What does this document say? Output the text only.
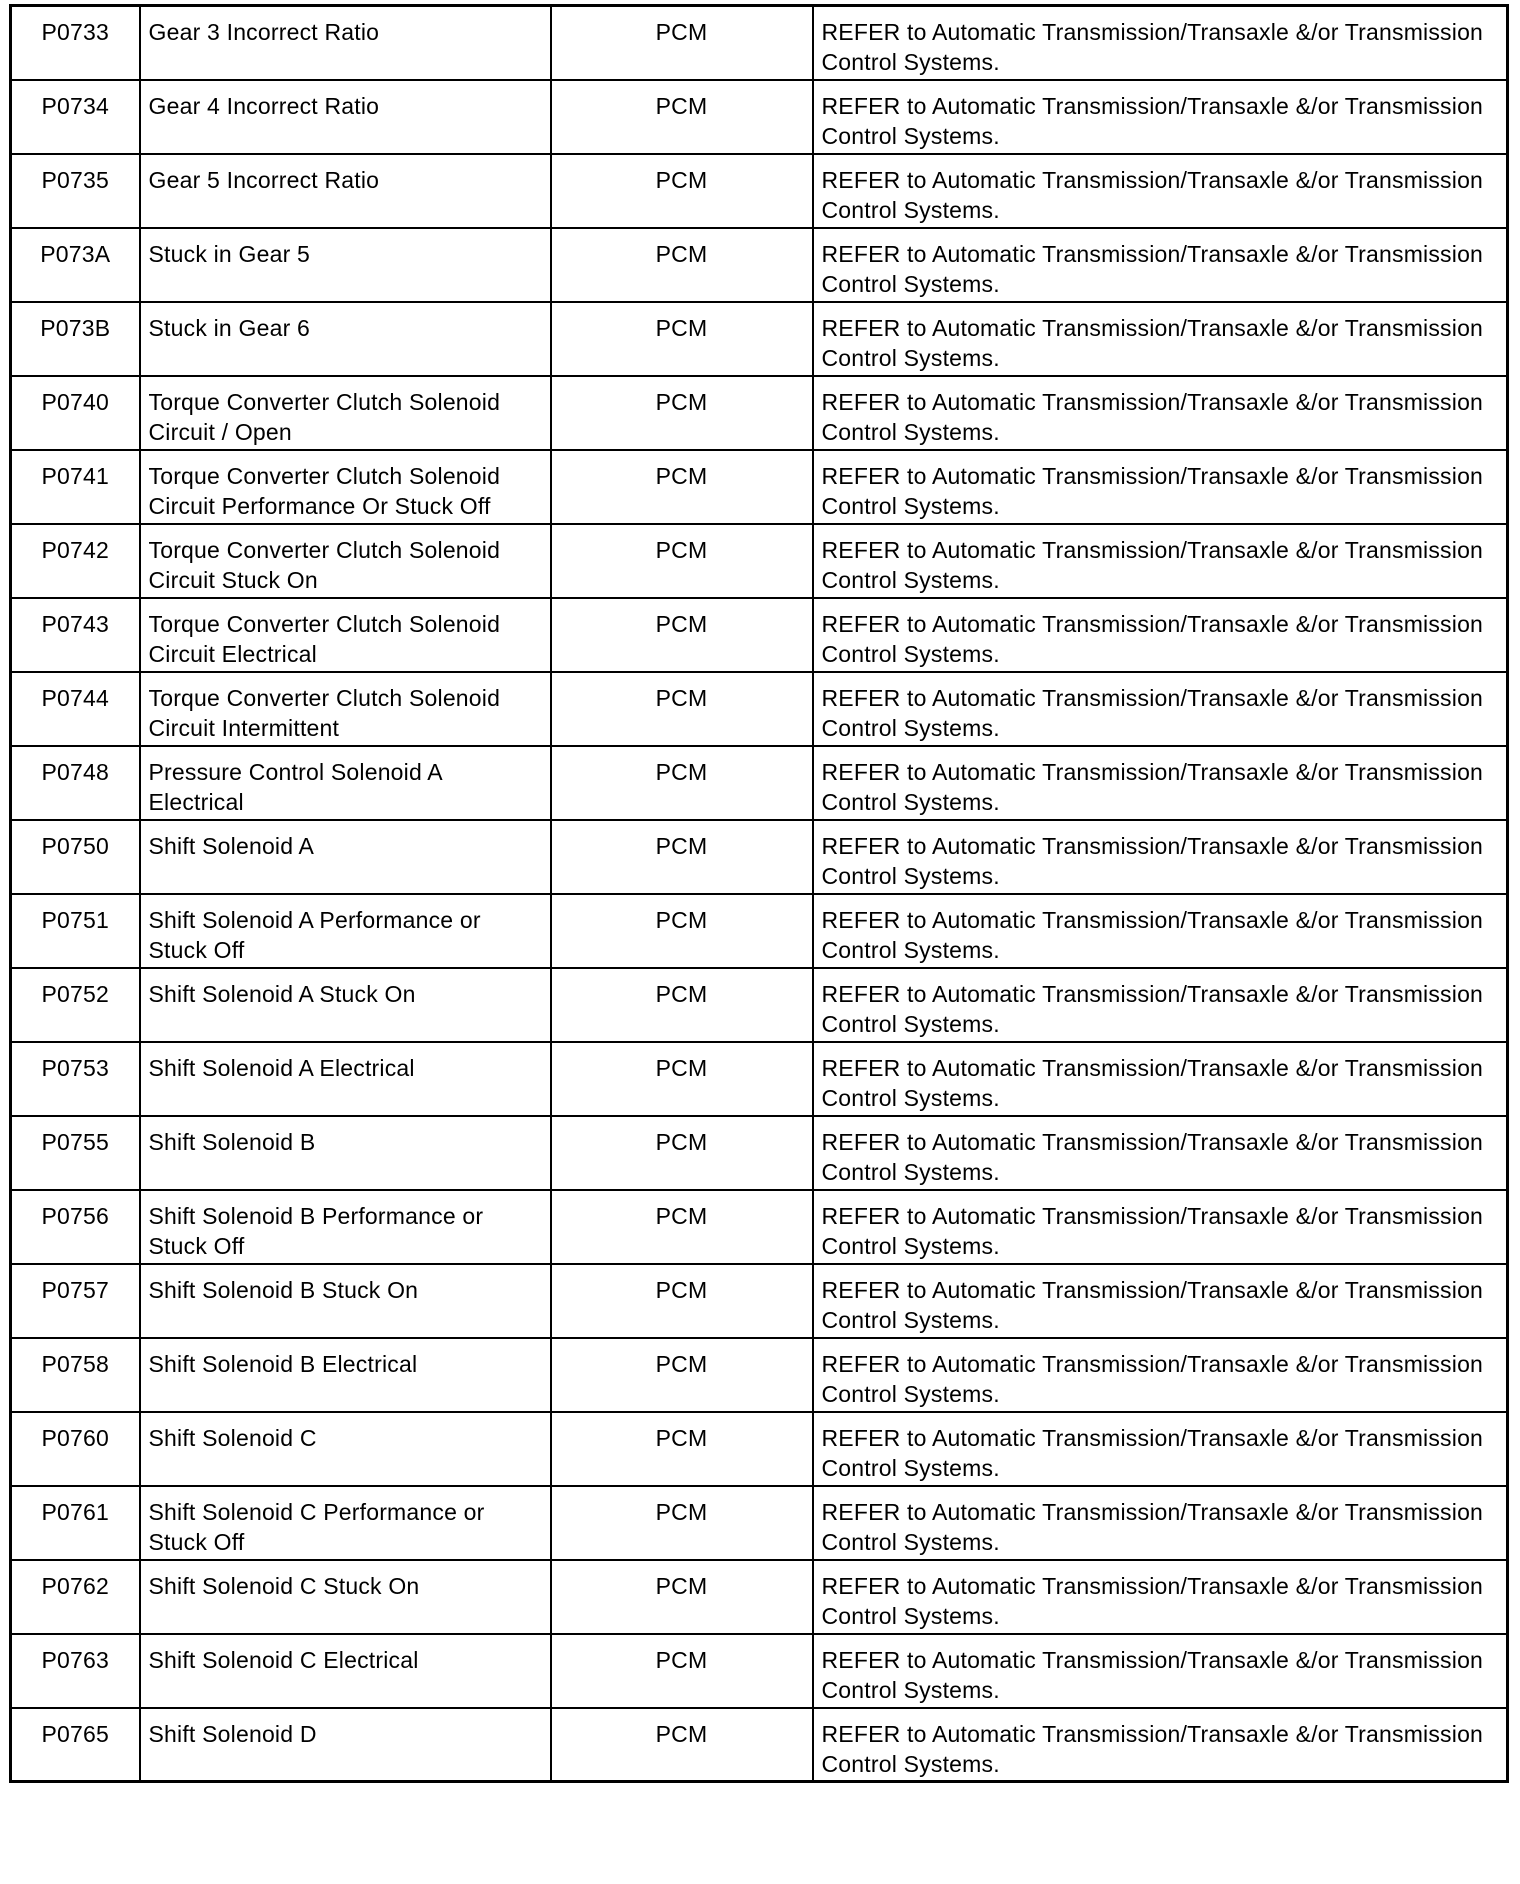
P0733	Gear 3 Incorrect Ratio	PCM	REFER to Automatic Transmission/Transaxle &/or Transmission Control Systems.
P0734	Gear 4 Incorrect Ratio	PCM	REFER to Automatic Transmission/Transaxle &/or Transmission Control Systems.
P0735	Gear 5 Incorrect Ratio	PCM	REFER to Automatic Transmission/Transaxle &/or Transmission Control Systems.
P073A	Stuck in Gear 5	PCM	REFER to Automatic Transmission/Transaxle &/or Transmission Control Systems.
P073B	Stuck in Gear 6	PCM	REFER to Automatic Transmission/Transaxle &/or Transmission Control Systems.
P0740	Torque Converter Clutch Solenoid Circuit / Open	PCM	REFER to Automatic Transmission/Transaxle &/or Transmission Control Systems.
P0741	Torque Converter Clutch Solenoid Circuit Performance Or Stuck Off	PCM	REFER to Automatic Transmission/Transaxle &/or Transmission Control Systems.
P0742	Torque Converter Clutch Solenoid Circuit Stuck On	PCM	REFER to Automatic Transmission/Transaxle &/or Transmission Control Systems.
P0743	Torque Converter Clutch Solenoid Circuit Electrical	PCM	REFER to Automatic Transmission/Transaxle &/or Transmission Control Systems.
P0744	Torque Converter Clutch Solenoid Circuit Intermittent	PCM	REFER to Automatic Transmission/Transaxle &/or Transmission Control Systems.
P0748	Pressure Control Solenoid A Electrical	PCM	REFER to Automatic Transmission/Transaxle &/or Transmission Control Systems.
P0750	Shift Solenoid A	PCM	REFER to Automatic Transmission/Transaxle &/or Transmission Control Systems.
P0751	Shift Solenoid A Performance or Stuck Off	PCM	REFER to Automatic Transmission/Transaxle &/or Transmission Control Systems.
P0752	Shift Solenoid A Stuck On	PCM	REFER to Automatic Transmission/Transaxle &/or Transmission Control Systems.
P0753	Shift Solenoid A Electrical	PCM	REFER to Automatic Transmission/Transaxle &/or Transmission Control Systems.
P0755	Shift Solenoid B	PCM	REFER to Automatic Transmission/Transaxle &/or Transmission Control Systems.
P0756	Shift Solenoid B Performance or Stuck Off	PCM	REFER to Automatic Transmission/Transaxle &/or Transmission Control Systems.
P0757	Shift Solenoid B Stuck On	PCM	REFER to Automatic Transmission/Transaxle &/or Transmission Control Systems.
P0758	Shift Solenoid B Electrical	PCM	REFER to Automatic Transmission/Transaxle &/or Transmission Control Systems.
P0760	Shift Solenoid C	PCM	REFER to Automatic Transmission/Transaxle &/or Transmission Control Systems.
P0761	Shift Solenoid C Performance or Stuck Off	PCM	REFER to Automatic Transmission/Transaxle &/or Transmission Control Systems.
P0762	Shift Solenoid C Stuck On	PCM	REFER to Automatic Transmission/Transaxle &/or Transmission Control Systems.
P0763	Shift Solenoid C Electrical	PCM	REFER to Automatic Transmission/Transaxle &/or Transmission Control Systems.
P0765	Shift Solenoid D	PCM	REFER to Automatic Transmission/Transaxle &/or Transmission Control Systems.
